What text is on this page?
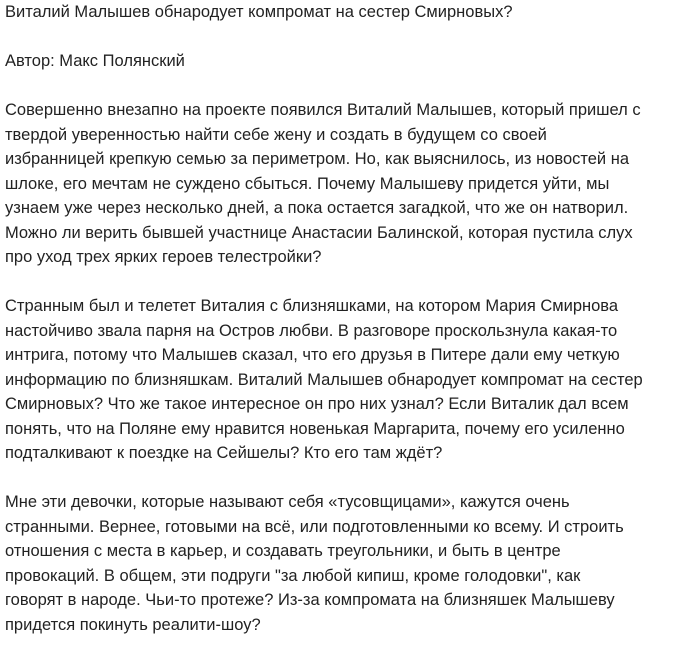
Виталий Малышев обнародует компромат на сестер Смирновых?

Автор: Макс Полянский

Совершенно внезапно на проекте появился Виталий Малышев, который пришел с
твердой уверенностью найти себе жену и создать в будущем со своей
избранницей крепкую семью за периметром. Но, как выяснилось, из новостей на
шлоке, его мечтам не суждено сбыться. Почему Малышеву придется уйти, мы
узнаем уже через несколько дней, а пока остается загадкой, что же он натворил.
Можно ли верить бывшей участнице Анастасии Балинской, которая пустила слух
про уход трех ярких героев телестройки?

Странным был и телетет Виталия с близняшками, на котором Мария Смирнова
настойчиво звала парня на Остров любви. В разговоре проскользнула какая-то
интрига, потому что Малышев сказал, что его друзья в Питере дали ему четкую
информацию по близняшкам. Виталий Малышев обнародует компромат на сестер
Смирновых? Что же такое интересное он про них узнал? Если Виталик дал всем
понять, что на Поляне ему нравится новенькая Маргарита, почему его усиленно
подталкивают к поездке на Сейшелы? Кто его там ждёт?

Мне эти девочки, которые называют себя «тусовщицами», кажутся очень
странными. Вернее, готовыми на всё, или подготовленными ко всему. И строить
отношения с места в карьер, и создавать треугольники, и быть в центре
провокаций. В общем, эти подруги "за любой кипиш, кроме голодовки", как
говорят в народе. Чьи-то протеже? Из-за компромата на близняшек Малышеву
придется покинуть реалити-шоу?
